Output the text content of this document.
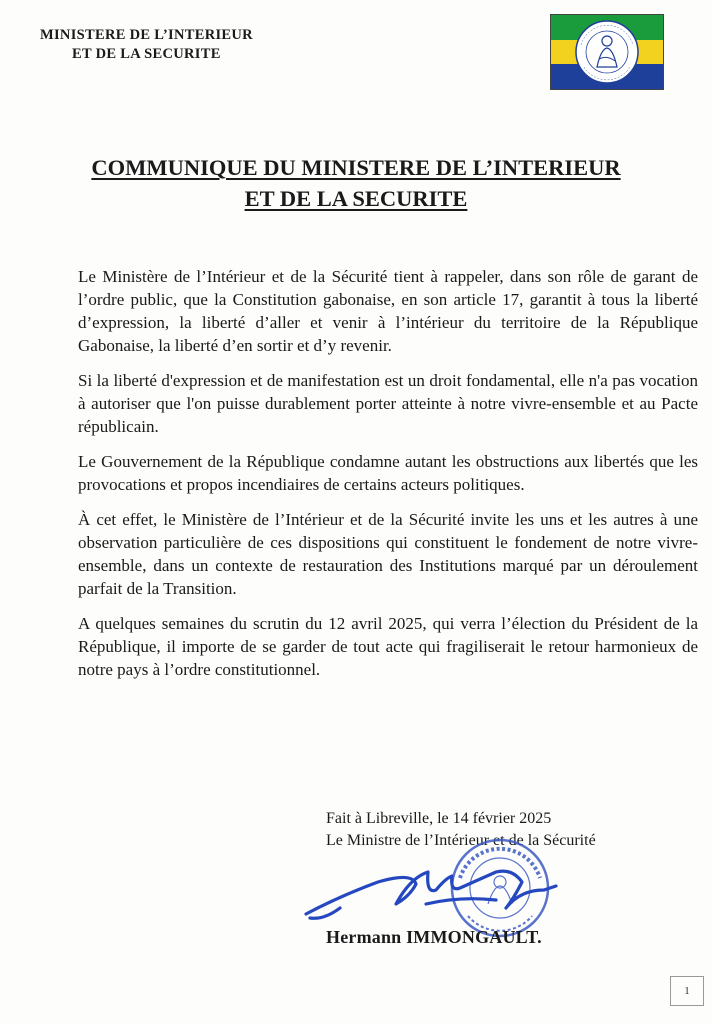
MINISTERE DE L’INTERIEUR
ET DE LA SECURITE
COMMUNIQUE DU MINISTERE DE L’INTERIEUR
ET DE LA SECURITE

Le Ministère de l’Intérieur et de la Sécurité tient à rappeler, dans son rôle de garant de l’ordre public, que la Constitution gabonaise, en son article 17, garantit à tous la liberté d’expression, la liberté d’aller et venir à l’intérieur du territoire de la République Gabonaise, la liberté d’en sortir et d’y revenir.

Si la liberté d'expression et de manifestation est un droit fondamental, elle n'a pas vocation à autoriser que l'on puisse durablement porter atteinte à notre vivre-ensemble et au Pacte républicain.

Le Gouvernement de la République condamne autant les obstructions aux libertés que les provocations et propos incendiaires de certains acteurs politiques.

À cet effet, le Ministère de l’Intérieur et de la Sécurité invite les uns et les autres à une observation particulière de ces dispositions qui constituent le fondement de notre vivre-ensemble, dans un contexte de restauration des Institutions marqué par un déroulement parfait de la Transition.

A quelques semaines du scrutin du 12 avril 2025, qui verra l’élection du Président de la République, il importe de se garder de tout acte qui fragiliserait le retour harmonieux de notre pays à l’ordre constitutionnel.

Fait à Libreville, le 14 février 2025
Le Ministre de l’Intérieur et de la Sécurité
Hermann IMMONGAULT.
1
